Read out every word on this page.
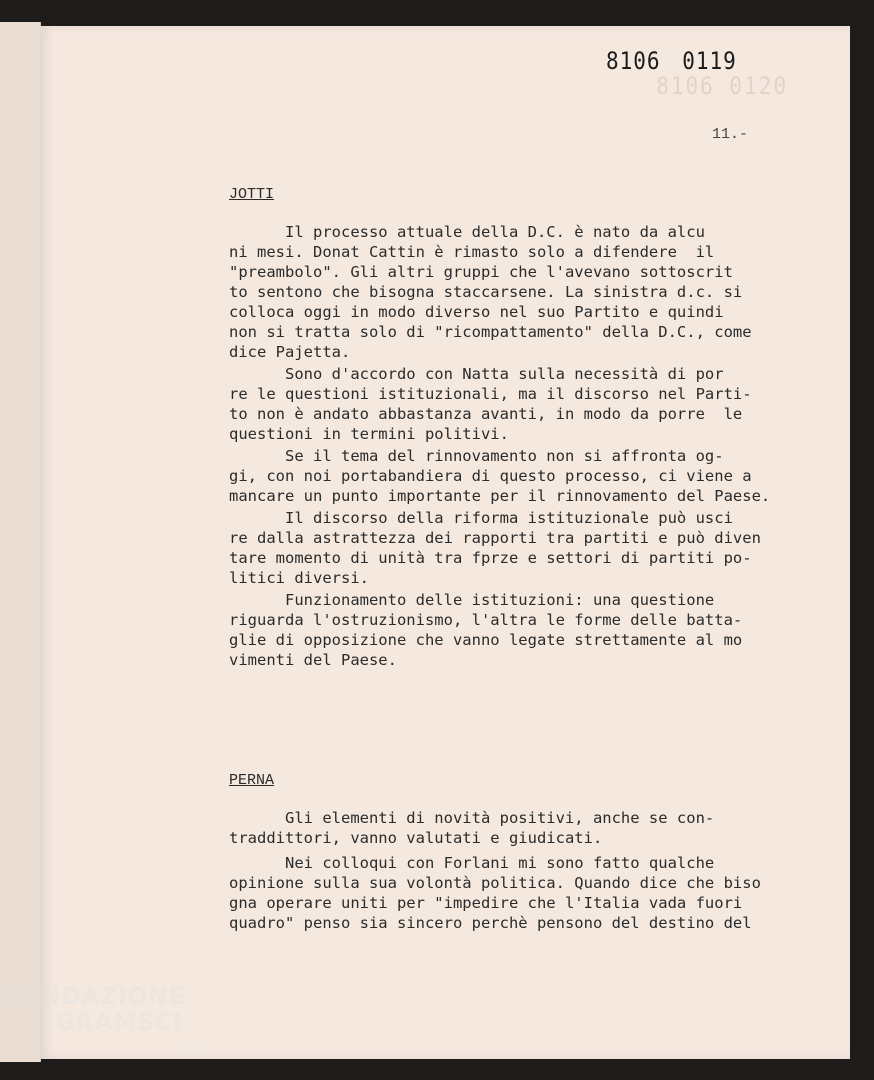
8106 0120
8106 0119
11.-
JOTTI
Il processo attuale della D.C. è nato da alcu
ni mesi. Donat Cattin è rimasto solo a difendere  il
"preambolo". Gli altri gruppi che l'avevano sottoscrit
to sentono che bisogna staccarsene. La sinistra d.c. si
colloca oggi in modo diverso nel suo Partito e quindi
non si tratta solo di "ricompattamento" della D.C., come
dice Pajetta.
Sono d'accordo con Natta sulla necessità di por
re le questioni istituzionali, ma il discorso nel Parti-
to non è andato abbastanza avanti, in modo da porre  le
questioni in termini politivi.
Se il tema del rinnovamento non si affronta og-
gi, con noi portabandiera di questo processo, ci viene a
mancare un punto importante per il rinnovamento del Paese.
Il discorso della riforma istituzionale può usci
re dalla astrattezza dei rapporti tra partiti e può diven
tare momento di unità tra fprze e settori di partiti po-
litici diversi.
Funzionamento delle istituzioni: una questione
riguarda l'ostruzionismo, l'altra le forme delle batta-
glie di opposizione che vanno legate strettamente al mo
vimenti del Paese.
PERNA
Gli elementi di novità positivi, anche se con-
traddittori, vanno valutati e giudicati.
Nei colloqui con Forlani mi sono fatto qualche
opinione sulla sua volontà politica. Quando dice che biso
gna operare uniti per "impedire che l'Italia vada fuori
quadro" penso sia sincero perchè pensono del destino del
FONDAZIONE
GRAMSCI
onlus
